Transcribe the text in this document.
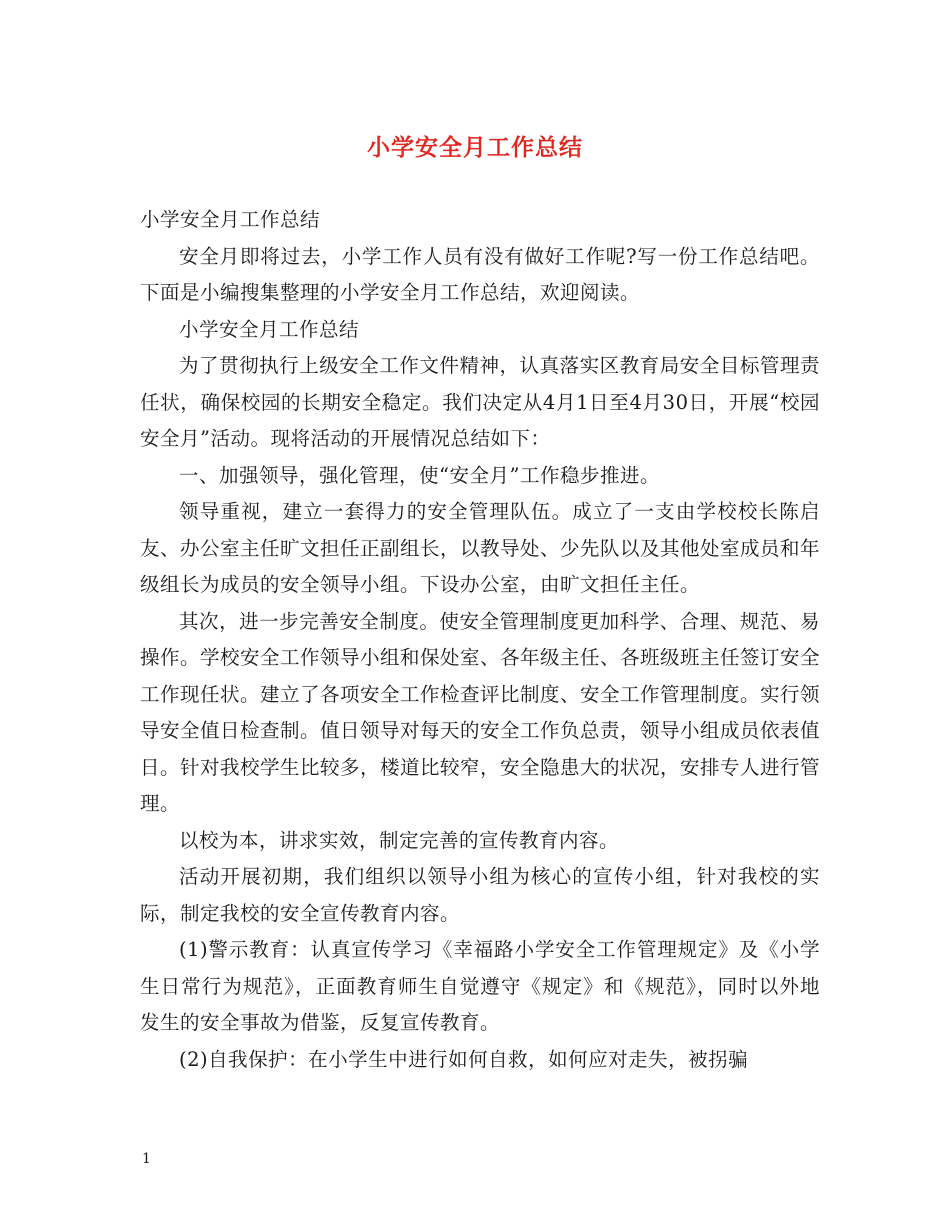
小学安全月工作总结

小学安全月工作总结

安全月即将过去，小学工作人员有没有做好工作呢?写一份工作总结吧。下面是小编搜集整理的小学安全月工作总结，欢迎阅读。

小学安全月工作总结

为了贯彻执行上级安全工作文件精神，认真落实区教育局安全目标管理责任状，确保校园的长期安全稳定。我们决定从4月1日至4月30日，开展“校园安全月”活动。现将活动的开展情况总结如下：

一、加强领导，强化管理，使“安全月”工作稳步推进。

领导重视，建立一套得力的安全管理队伍。成立了一支由学校校长陈启友、办公室主任旷文担任正副组长，以教导处、少先队以及其他处室成员和年级组长为成员的安全领导小组。下设办公室，由旷文担任主任。

其次，进一步完善安全制度。使安全管理制度更加科学、合理、规范、易操作。学校安全工作领导小组和保处室、各年级主任、各班级班主任签订安全工作现任状。建立了各项安全工作检查评比制度、安全工作管理制度。实行领导安全值日检查制。值日领导对每天的安全工作负总责，领导小组成员依表值日。针对我校学生比较多，楼道比较窄，安全隐患大的状况，安排专人进行管理。

以校为本，讲求实效，制定完善的宣传教育内容。

活动开展初期，我们组织以领导小组为核心的宣传小组，针对我校的实际，制定我校的安全宣传教育内容。

(1)警示教育：认真宣传学习《幸福路小学安全工作管理规定》及《小学生日常行为规范》，正面教育师生自觉遵守《规定》和《规范》，同时以外地发生的安全事故为借鉴，反复宣传教育。

(2)自我保护：在小学生中进行如何自救，如何应对走失，被拐骗

1
